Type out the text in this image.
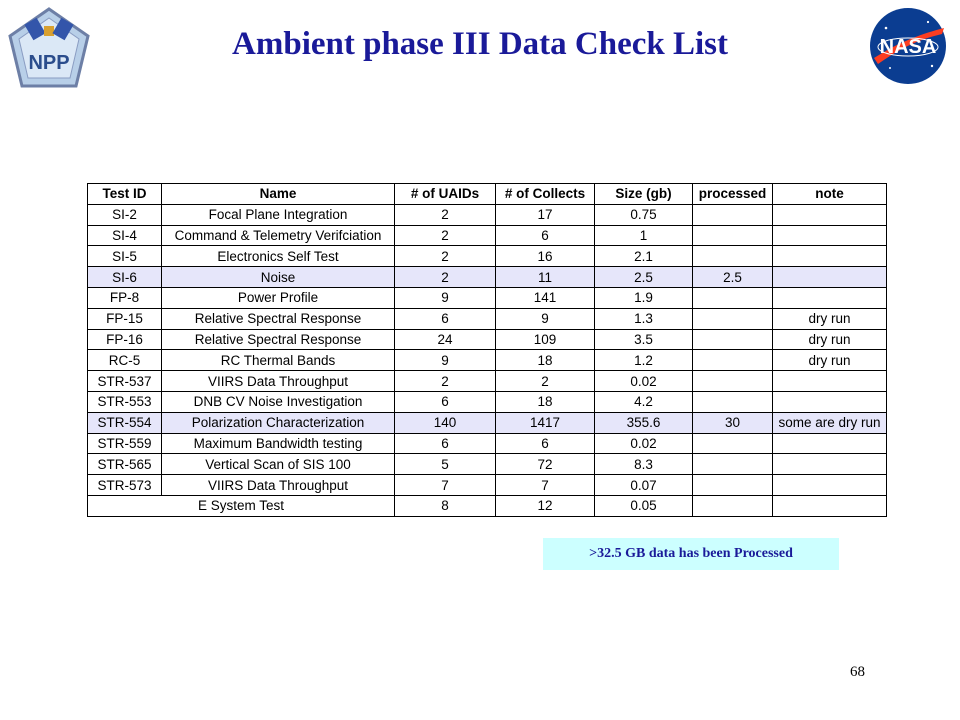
NPP
Ambient phase III Data Check List	NASA
Test ID	Name	# of UAIDs	# of Collects	Size (gb)	processed	note
SI-2	Focal Plane Integration	2	17	0.75		
SI-4	Command & Telemetry Verifciation	2	6	1		
SI-5	Electronics Self Test	2	16	2.1		
SI-6	Noise	2	11	2.5	2.5	
FP-8	Power Profile	9	141	1.9		
FP-15	Relative Spectral Response	6	9	1.3		dry run
FP-16	Relative Spectral Response	24	109	3.5		dry run
RC-5	RC Thermal Bands	9	18	1.2		dry run
STR-537	VIIRS Data Throughput	2	2	0.02		
STR-553	DNB CV Noise Investigation	6	18	4.2		
STR-554	Polarization Characterization	140	1417	355.6	30	some are dry run
STR-559	Maximum Bandwidth testing	6	6	0.02		
STR-565	Vertical Scan of SIS 100	5	72	8.3		
STR-573	VIIRS Data Throughput	7	7	0.07		
E System Test		8	12	0.05		
>32.5 GB data has been Processed
68
